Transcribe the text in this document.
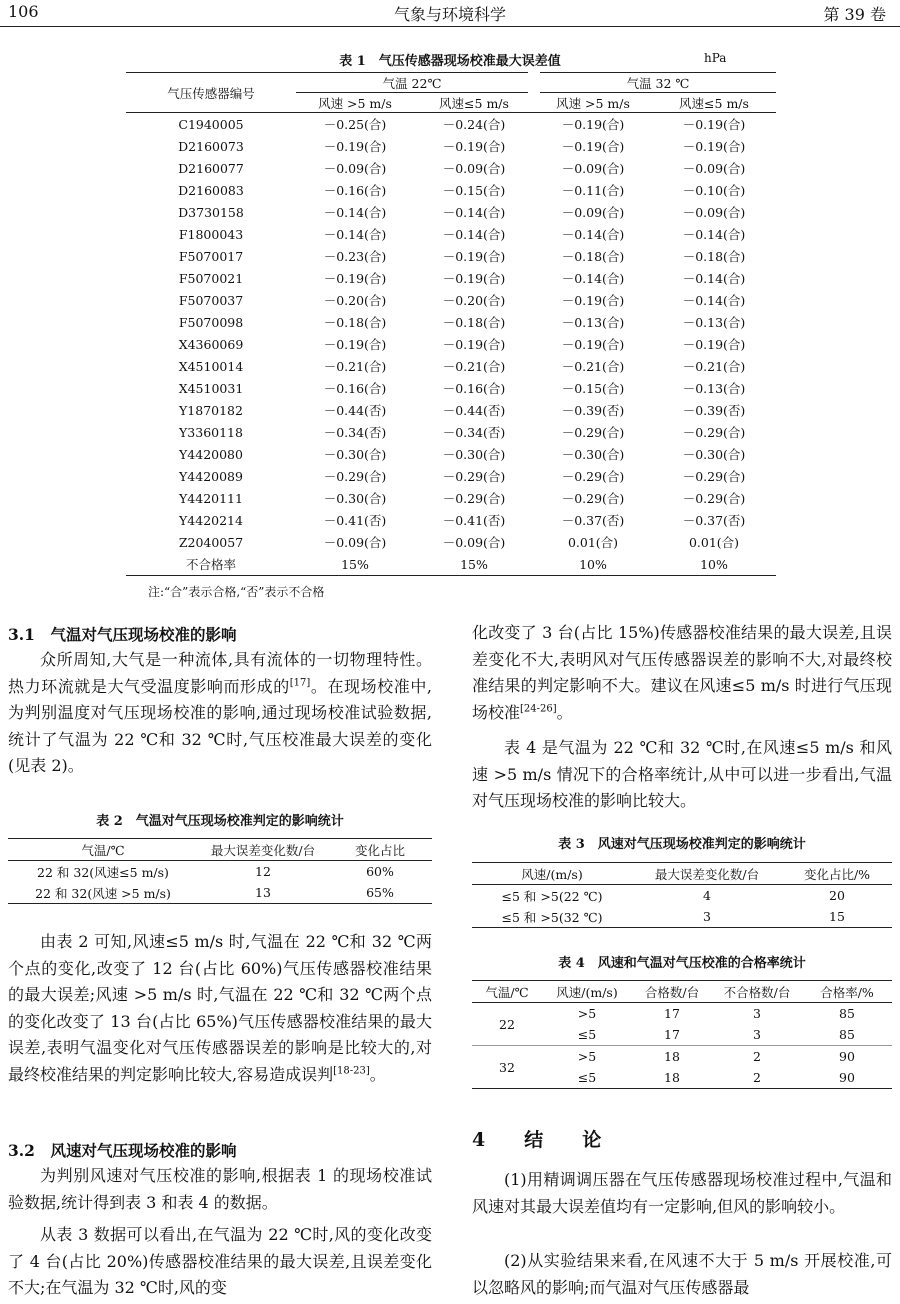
气象与环境科学
106	第 39 卷
表 1　气压传感器现场校准最大误差值	hPa
气压传感器编号	气温 22℃		气温 32 ℃	
	风速 >5 m/s	风速≤5 m/s	风速 >5 m/s	风速≤5 m/s
C1940005	－0.25(合)	－0.24(合)	－0.19(合)	－0.19(合)
D2160073	－0.19(合)	－0.19(合)	－0.19(合)	－0.19(合)
D2160077	－0.09(合)	－0.09(合)	－0.09(合)	－0.09(合)
D2160083	－0.16(合)	－0.15(合)	－0.11(合)	－0.10(合)
D3730158	－0.14(合)	－0.14(合)	－0.09(合)	－0.09(合)
F1800043	－0.14(合)	－0.14(合)	－0.14(合)	－0.14(合)
F5070017	－0.23(合)	－0.19(合)	－0.18(合)	－0.18(合)
F5070021	－0.19(合)	－0.19(合)	－0.14(合)	－0.14(合)
F5070037	－0.20(合)	－0.20(合)	－0.19(合)	－0.14(合)
F5070098	－0.18(合)	－0.18(合)	－0.13(合)	－0.13(合)
X4360069	－0.19(合)	－0.19(合)	－0.19(合)	－0.19(合)
X4510014	－0.21(合)	－0.21(合)	－0.21(合)	－0.21(合)
X4510031	－0.16(合)	－0.16(合)	－0.15(合)	－0.13(合)
Y1870182	－0.44(否)	－0.44(否)	－0.39(否)	－0.39(否)
Y3360118	－0.34(否)	－0.34(否)	－0.29(合)	－0.29(合)
Y4420080	－0.30(合)	－0.30(合)	－0.30(合)	－0.30(合)
Y4420089	－0.29(合)	－0.29(合)	－0.29(合)	－0.29(合)
Y4420111	－0.30(合)	－0.29(合)	－0.29(合)	－0.29(合)
Y4420214	－0.41(否)	－0.41(否)	－0.37(否)	－0.37(否)
Z2040057	－0.09(合)	－0.09(合)	0.01(合)	0.01(合)
不合格率	15%	15%	10%	10%
注:“合”表示合格,“否”表示不合格
3.1　气温对气压现场校准的影响
众所周知,大气是一种流体,具有流体的一切物理特性。热力环流就是大气受温度影响而形成的[17]。在现场校准中,为判别温度对气压现场校准的影响,通过现场校准试验数据,统计了气温为 22 ℃和 32 ℃时,气压校准最大误差的变化(见表 2)。
表 2　气温对气压现场校准判定的影响统计
气温/℃	最大误差变化数/台	变化占比
22 和 32(风速≤5 m/s)	12	60%
22 和 32(风速 >5 m/s)	13	65%
由表 2 可知,风速≤5 m/s 时,气温在 22 ℃和 32 ℃两个点的变化,改变了 12 台(占比 60%)气压传感器校准结果的最大误差;风速 >5 m/s 时,气温在 22 ℃和 32 ℃两个点的变化改变了 13 台(占比 65%)气压传感器校准结果的最大误差,表明气温变化对气压传感器误差的影响是比较大的,对最终校准结果的判定影响比较大,容易造成误判[18-23]。
3.2　风速对气压现场校准的影响
为判别风速对气压校准的影响,根据表 1 的现场校准试验数据,统计得到表 3 和表 4 的数据。
从表 3 数据可以看出,在气温为 22 ℃时,风的变化改变了 4 台(占比 20%)传感器校准结果的最大误差,且误差变化不大;在气温为 32 ℃时,风的变
化改变了 3 台(占比 15%)传感器校准结果的最大误差,且误差变化不大,表明风对气压传感器误差的影响不大,对最终校准结果的判定影响不大。建议在风速≤5 m/s 时进行气压现场校准[24-26]。
表 4 是气温为 22 ℃和 32 ℃时,在风速≤5 m/s 和风速 >5 m/s 情况下的合格率统计,从中可以进一步看出,气温对气压现场校准的影响比较大。
表 3　风速对气压现场校准判定的影响统计
风速/(m/s)	最大误差变化数/台	变化占比/%
≤5 和 >5(22 ℃)	4	20
≤5 和 >5(32 ℃)	3	15
表 4　风速和气温对气压校准的合格率统计
气温/℃	风速/(m/s)	合格数/台	不合格数/台	合格率/%
22	>5	17	3	85
	≤5	17	3	85
32	>5	18	2	90
	≤5	18	2	90
4　结　论
(1)用精调调压器在气压传感器现场校准过程中,气温和风速对其最大误差值均有一定影响,但风的影响较小。
(2)从实验结果来看,在风速不大于 5 m/s 开展校准,可以忽略风的影响;而气温对气压传感器最
